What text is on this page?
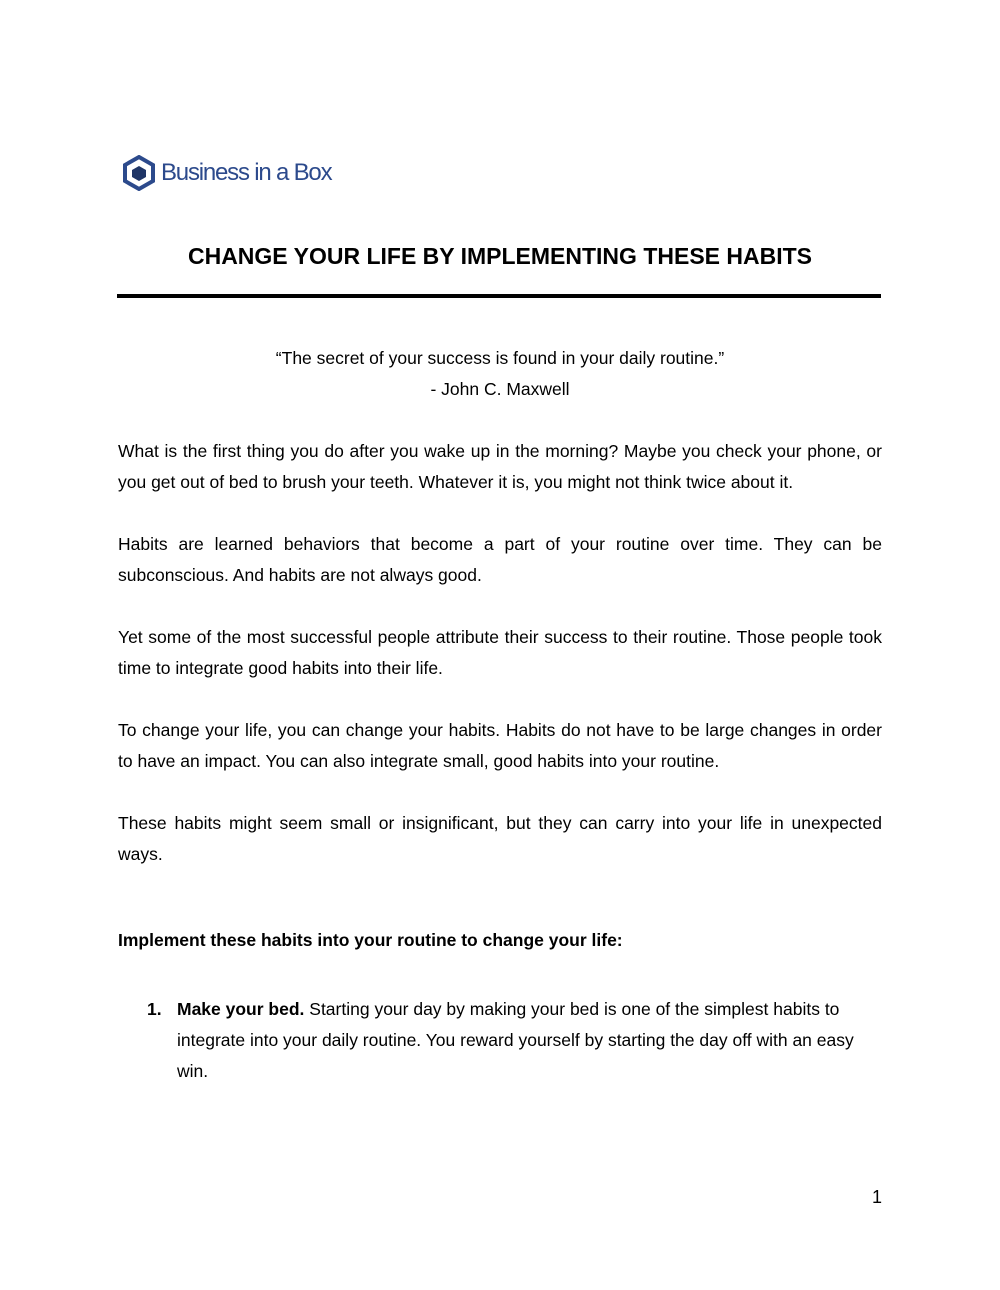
Business in a Box
CHANGE YOUR LIFE BY IMPLEMENTING THESE HABITS
“The secret of your success is found in your daily routine.”
- John C. Maxwell

What is the first thing you do after you wake up in the morning? Maybe you check your phone, or you get out of bed to brush your teeth. Whatever it is, you might not think twice about it.

Habits are learned behaviors that become a part of your routine over time. They can be subconscious. And habits are not always good.

Yet some of the most successful people attribute their success to their routine. Those people took time to integrate good habits into their life.

To change your life, you can change your habits. Habits do not have to be large changes in order to have an impact. You can also integrate small, good habits into your routine.

These habits might seem small or insignificant, but they can carry into your life in unexpected ways.

Implement these habits into your routine to change your life:
1. Make your bed. Starting your day by making your bed is one of the simplest habits to integrate into your daily routine. You reward yourself by starting the day off with an easy win.
1
